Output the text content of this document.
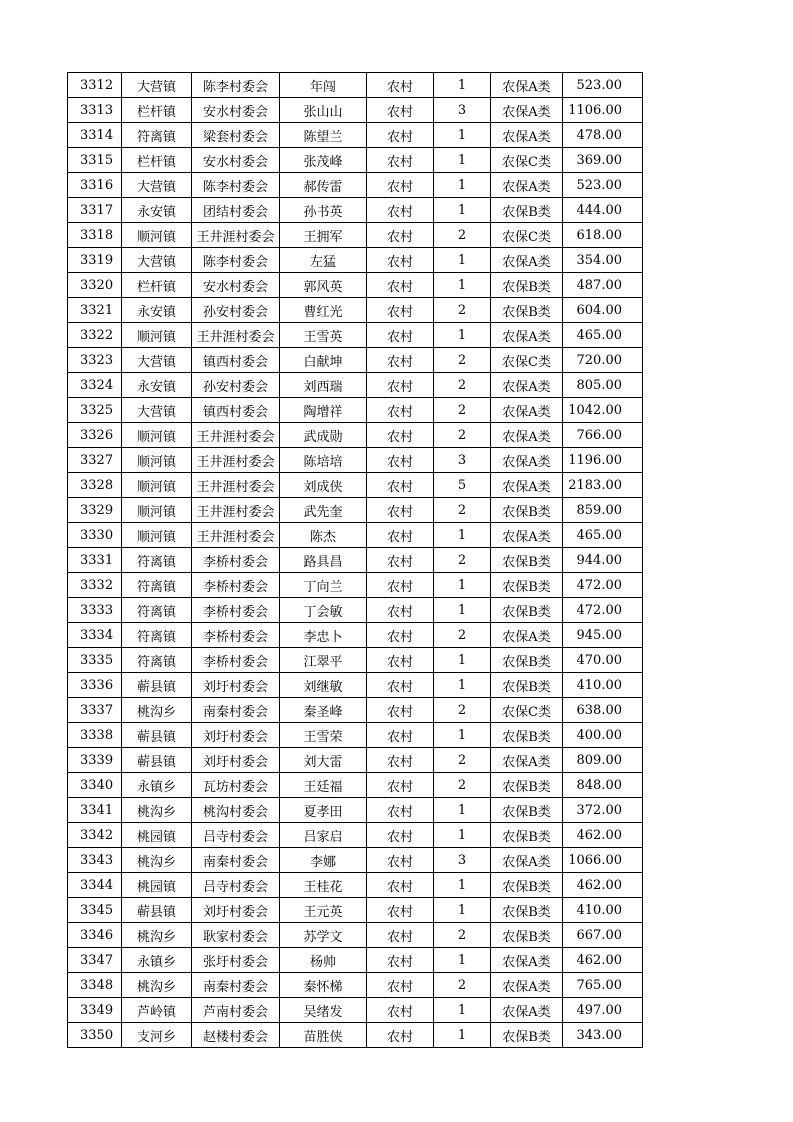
3312	大营镇	陈李村委会	年闯	农村	1	农保A类	523.00
3313	栏杆镇	安水村委会	张山山	农村	3	农保A类	1106.00
3314	符离镇	梁套村委会	陈望兰	农村	1	农保A类	478.00
3315	栏杆镇	安水村委会	张茂峰	农村	1	农保C类	369.00
3316	大营镇	陈李村委会	郝传雷	农村	1	农保A类	523.00
3317	永安镇	团结村委会	孙书英	农村	1	农保B类	444.00
3318	顺河镇	王井涯村委会	王拥军	农村	2	农保C类	618.00
3319	大营镇	陈李村委会	左猛	农村	1	农保A类	354.00
3320	栏杆镇	安水村委会	郭风英	农村	1	农保B类	487.00
3321	永安镇	孙安村委会	曹红光	农村	2	农保B类	604.00
3322	顺河镇	王井涯村委会	王雪英	农村	1	农保A类	465.00
3323	大营镇	镇西村委会	白献坤	农村	2	农保C类	720.00
3324	永安镇	孙安村委会	刘西瑞	农村	2	农保A类	805.00
3325	大营镇	镇西村委会	陶增祥	农村	2	农保A类	1042.00
3326	顺河镇	王井涯村委会	武成勋	农村	2	农保A类	766.00
3327	顺河镇	王井涯村委会	陈培培	农村	3	农保A类	1196.00
3328	顺河镇	王井涯村委会	刘成侠	农村	5	农保A类	2183.00
3329	顺河镇	王井涯村委会	武先奎	农村	2	农保B类	859.00
3330	顺河镇	王井涯村委会	陈杰	农村	1	农保A类	465.00
3331	符离镇	李桥村委会	路具昌	农村	2	农保B类	944.00
3332	符离镇	李桥村委会	丁向兰	农村	1	农保B类	472.00
3333	符离镇	李桥村委会	丁会敏	农村	1	农保B类	472.00
3334	符离镇	李桥村委会	李忠卜	农村	2	农保A类	945.00
3335	符离镇	李桥村委会	江翠平	农村	1	农保B类	470.00
3336	蕲县镇	刘圩村委会	刘继敏	农村	1	农保B类	410.00
3337	桃沟乡	南秦村委会	秦圣峰	农村	2	农保C类	638.00
3338	蕲县镇	刘圩村委会	王雪荣	农村	1	农保B类	400.00
3339	蕲县镇	刘圩村委会	刘大雷	农村	2	农保A类	809.00
3340	永镇乡	瓦坊村委会	王廷福	农村	2	农保B类	848.00
3341	桃沟乡	桃沟村委会	夏孝田	农村	1	农保B类	372.00
3342	桃园镇	吕寺村委会	吕家启	农村	1	农保B类	462.00
3343	桃沟乡	南秦村委会	李娜	农村	3	农保A类	1066.00
3344	桃园镇	吕寺村委会	王桂花	农村	1	农保B类	462.00
3345	蕲县镇	刘圩村委会	王元英	农村	1	农保B类	410.00
3346	桃沟乡	耿家村委会	苏学文	农村	2	农保B类	667.00
3347	永镇乡	张圩村委会	杨帅	农村	1	农保A类	462.00
3348	桃沟乡	南秦村委会	秦怀梯	农村	2	农保A类	765.00
3349	芦岭镇	芦南村委会	吴绪发	农村	1	农保A类	497.00
3350	支河乡	赵楼村委会	苗胜侠	农村	1	农保B类	343.00
